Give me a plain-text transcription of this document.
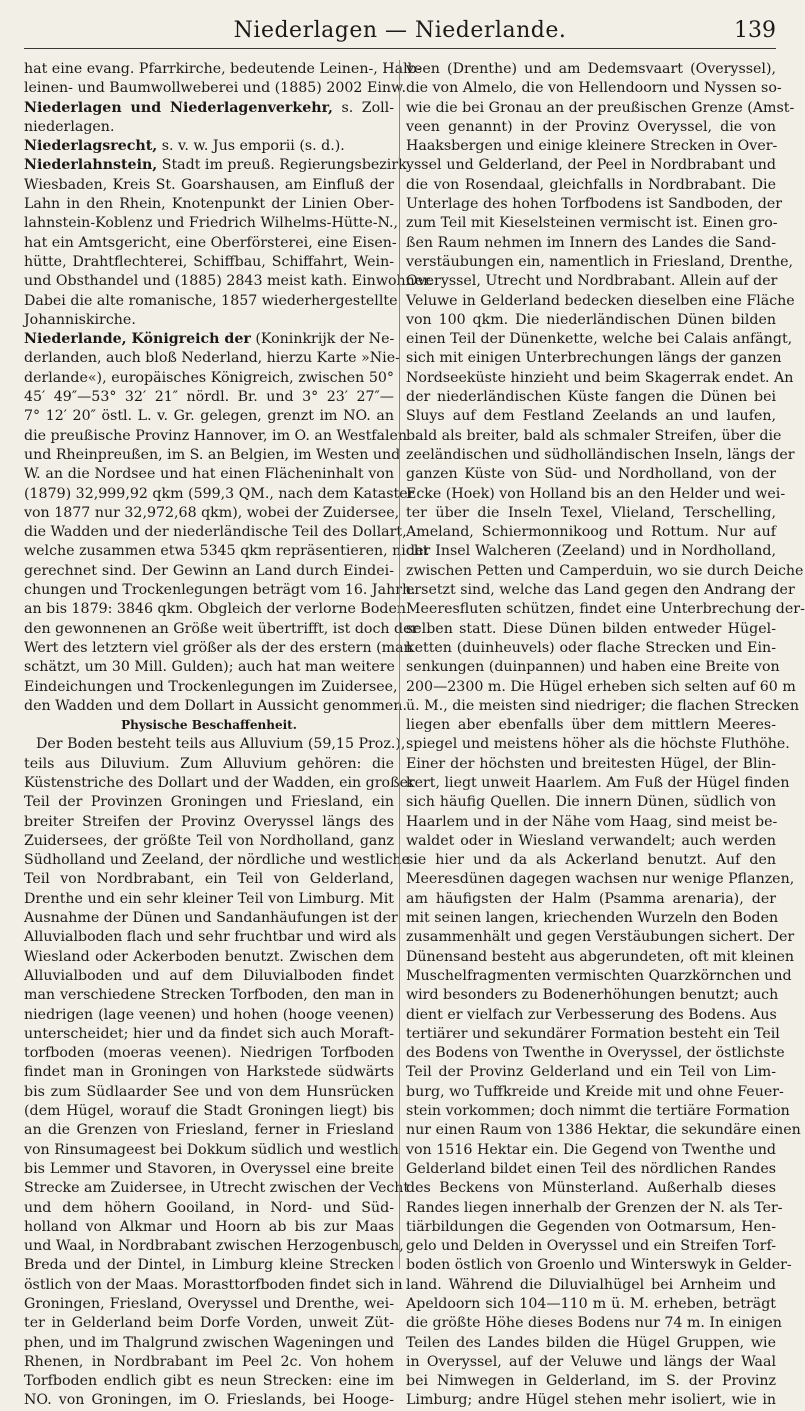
Niederlagen — Niederlande.	139
hat eine evang. Pfarrkirche, bedeutende Leinen-, Halb-
leinen- und Baumwollweberei und (1885) 2002 Einw.
Niederlagen und Niederlagenverkehr, s. Zoll-
niederlagen.
Niederlagsrecht, s. v. w. Jus emporii (s. d.).
Niederlahnstein, Stadt im preuß. Regierungsbezirk
Wiesbaden, Kreis St. Goarshausen, am Einfluß der
Lahn in den Rhein, Knotenpunkt der Linien Ober-
lahnstein-Koblenz und Friedrich Wilhelms-Hütte-N.,
hat ein Amtsgericht, eine Oberförsterei, eine Eisen-
hütte, Drahtflechterei, Schiffbau, Schiffahrt, Wein-
und Obsthandel und (1885) 2843 meist kath. Einwohner.
Dabei die alte romanische, 1857 wiederhergestellte
Johanniskirche.
Niederlande, Königreich der (Koninkrijk der Ne-
derlanden, auch bloß Nederland, hierzu Karte »Nie-
derlande«), europäisches Königreich, zwischen 50°
45′ 49″—53° 32′ 21″ nördl. Br. und 3° 23′ 27″—
7° 12′ 20″ östl. L. v. Gr. gelegen, grenzt im NO. an
die preußische Provinz Hannover, im O. an Westfalen
und Rheinpreußen, im S. an Belgien, im Westen und
W. an die Nordsee und hat einen Flächeninhalt von
(1879) 32,999,92 qkm (599,3 QM., nach dem Kataster
von 1877 nur 32,972,68 qkm), wobei der Zuidersee,
die Wadden und der niederländische Teil des Dollart,
welche zusammen etwa 5345 qkm repräsentieren, nicht
gerechnet sind. Der Gewinn an Land durch Eindei-
chungen und Trockenlegungen beträgt vom 16. Jahrh.
an bis 1879: 3846 qkm. Obgleich der verlorne Boden
den gewonnenen an Größe weit übertrifft, ist doch der
Wert des letztern viel größer als der des erstern (man
schätzt, um 30 Mill. Gulden); auch hat man weitere
Eindeichungen und Trockenlegungen im Zuidersee,
den Wadden und dem Dollart in Aussicht genommen.
Physische Beschaffenheit.
Der Boden besteht teils aus Alluvium (59,15 Proz.),
teils aus Diluvium. Zum Alluvium gehören: die
Küstenstriche des Dollart und der Wadden, ein großer
Teil der Provinzen Groningen und Friesland, ein
breiter Streifen der Provinz Overyssel längs des
Zuidersees, der größte Teil von Nordholland, ganz
Südholland und Zeeland, der nördliche und westliche
Teil von Nordbrabant, ein Teil von Gelderland,
Drenthe und ein sehr kleiner Teil von Limburg. Mit
Ausnahme der Dünen und Sandanhäufungen ist der
Alluvialboden flach und sehr fruchtbar und wird als
Wiesland oder Ackerboden benutzt. Zwischen dem
Alluvialboden und auf dem Diluvialboden findet
man verschiedene Strecken Torfboden, den man in
niedrigen (lage veenen) und hohen (hooge veenen)
unterscheidet; hier und da findet sich auch Moraft-
torfboden (moeras veenen). Niedrigen Torfboden
findet man in Groningen von Harkstede südwärts
bis zum Südlaarder See und von dem Hunsrücken
(dem Hügel, worauf die Stadt Groningen liegt) bis
an die Grenzen von Friesland, ferner in Friesland
von Rinsumageest bei Dokkum südlich und westlich
bis Lemmer und Stavoren, in Overyssel eine breite
Strecke am Zuidersee, in Utrecht zwischen der Vecht
und dem höhern Gooiland, in Nord- und Süd-
holland von Alkmar und Hoorn ab bis zur Maas
und Waal, in Nordbrabant zwischen Herzogenbusch,
Breda und der Dintel, in Limburg kleine Strecken
östlich von der Maas. Morasttorfboden findet sich in
Groningen, Friesland, Overyssel und Drenthe, wei-
ter in Gelderland beim Dorfe Vorden, unweit Züt-
phen, und im Thalgrund zwischen Wageningen und
Rhenen, in Nordbrabant im Peel 2c. Von hohem
Torfboden endlich gibt es neun Strecken: eine im
NO. von Groningen, im O. Frieslands, bei Hooge-
veen (Drenthe) und am Dedemsvaart (Overyssel),
die von Almelo, die von Hellendoorn und Nyssen so-
wie die bei Gronau an der preußischen Grenze (Amst-
veen genannt) in der Provinz Overyssel, die von
Haaksbergen und einige kleinere Strecken in Over-
yssel und Gelderland, der Peel in Nordbrabant und
die von Rosendaal, gleichfalls in Nordbrabant. Die
Unterlage des hohen Torfbodens ist Sandboden, der
zum Teil mit Kieselsteinen vermischt ist. Einen gro-
ßen Raum nehmen im Innern des Landes die Sand-
verstäubungen ein, namentlich in Friesland, Drenthe,
Overyssel, Utrecht und Nordbrabant. Allein auf der
Veluwe in Gelderland bedecken dieselben eine Fläche
von 100 qkm. Die niederländischen Dünen bilden
einen Teil der Dünenkette, welche bei Calais anfängt,
sich mit einigen Unterbrechungen längs der ganzen
Nordseeküste hinzieht und beim Skagerrak endet. An
der niederländischen Küste fangen die Dünen bei
Sluys auf dem Festland Zeelands an und laufen,
bald als breiter, bald als schmaler Streifen, über die
zeeländischen und südholländischen Inseln, längs der
ganzen Küste von Süd- und Nordholland, von der
Ecke (Hoek) von Holland bis an den Helder und wei-
ter über die Inseln Texel, Vlieland, Terschelling,
Ameland, Schiermonnikoog und Rottum. Nur auf
der Insel Walcheren (Zeeland) und in Nordholland,
zwischen Petten und Camperduin, wo sie durch Deiche
ersetzt sind, welche das Land gegen den Andrang der
Meeresfluten schützen, findet eine Unterbrechung der-
selben statt. Diese Dünen bilden entweder Hügel-
ketten (duinheuvels) oder flache Strecken und Ein-
senkungen (duinpannen) und haben eine Breite von
200—2300 m. Die Hügel erheben sich selten auf 60 m
ü. M., die meisten sind niedriger; die flachen Strecken
liegen aber ebenfalls über dem mittlern Meeres-
spiegel und meistens höher als die höchste Fluthöhe.
Einer der höchsten und breitesten Hügel, der Blin-
kert, liegt unweit Haarlem. Am Fuß der Hügel finden
sich häufig Quellen. Die innern Dünen, südlich von
Haarlem und in der Nähe vom Haag, sind meist be-
waldet oder in Wiesland verwandelt; auch werden
sie hier und da als Ackerland benutzt. Auf den
Meeresdünen dagegen wachsen nur wenige Pflanzen,
am häufigsten der Halm (Psamma arenaria), der
mit seinen langen, kriechenden Wurzeln den Boden
zusammenhält und gegen Verstäubungen sichert. Der
Dünensand besteht aus abgerundeten, oft mit kleinen
Muschelfragmenten vermischten Quarzkörnchen und
wird besonders zu Bodenerhöhungen benutzt; auch
dient er vielfach zur Verbesserung des Bodens. Aus
tertiärer und sekundärer Formation besteht ein Teil
des Bodens von Twenthe in Overyssel, der östlichste
Teil der Provinz Gelderland und ein Teil von Lim-
burg, wo Tuffkreide und Kreide mit und ohne Feuer-
stein vorkommen; doch nimmt die tertiäre Formation
nur einen Raum von 1386 Hektar, die sekundäre einen
von 1516 Hektar ein. Die Gegend von Twenthe und
Gelderland bildet einen Teil des nördlichen Randes
des Beckens von Münsterland. Außerhalb dieses
Randes liegen innerhalb der Grenzen der N. als Ter-
tiärbildungen die Gegenden von Ootmarsum, Hen-
gelo und Delden in Overyssel und ein Streifen Torf-
boden östlich von Groenlo und Winterswyk in Gelder-
land. Während die Diluvialhügel bei Arnheim und
Apeldoorn sich 104—110 m ü. M. erheben, beträgt
die größte Höhe dieses Bodens nur 74 m. In einigen
Teilen des Landes bilden die Hügel Gruppen, wie
in Overyssel, auf der Veluwe und längs der Waal
bei Nimwegen in Gelderland, im S. der Provinz
Limburg; andre Hügel stehen mehr isoliert, wie in
